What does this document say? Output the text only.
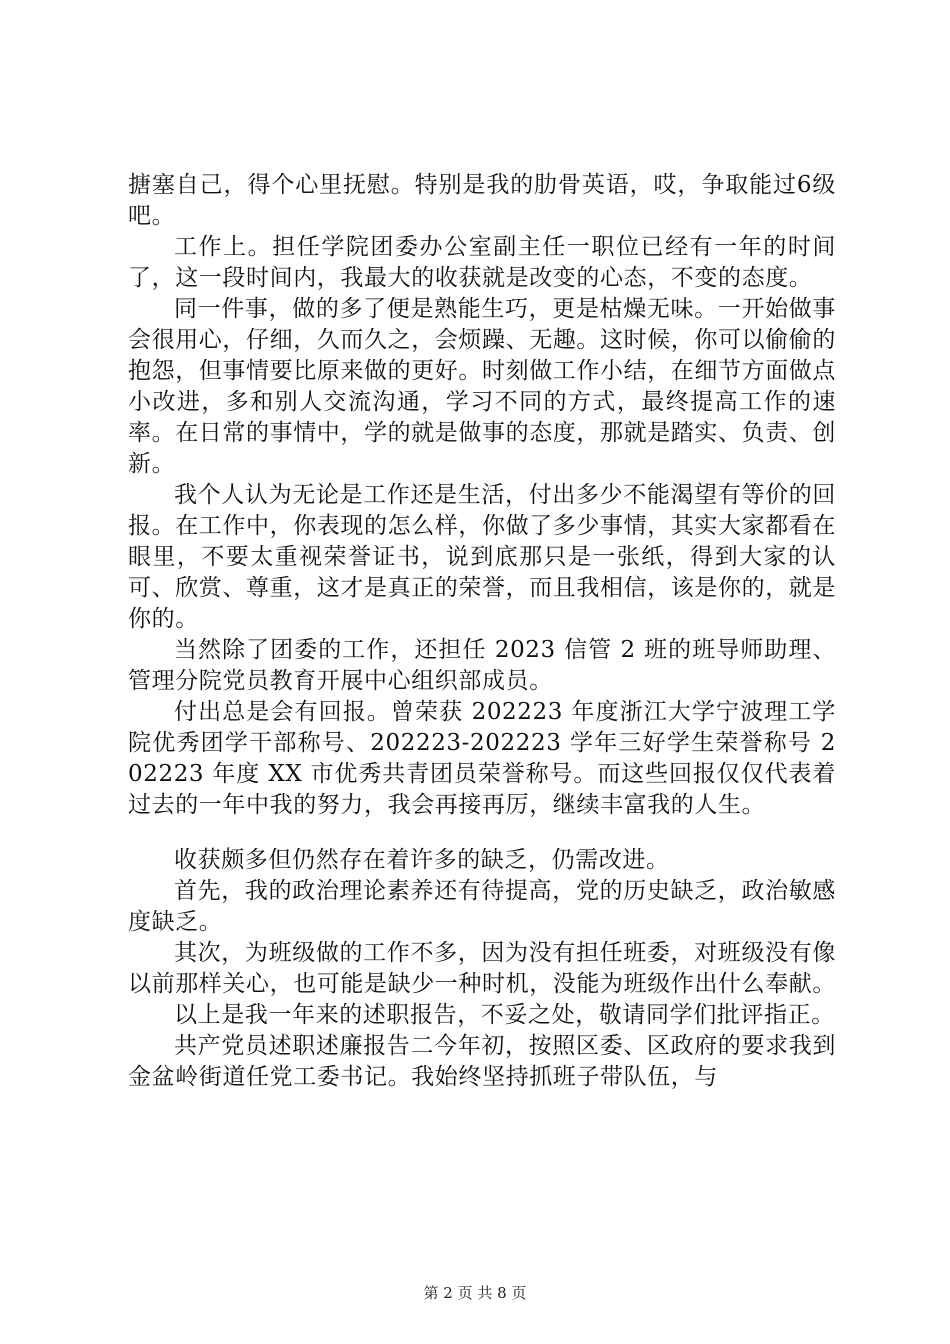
搪塞自己，得个心里抚慰。特别是我的肋骨英语，哎，争取能过6级吧。

工作上。担任学院团委办公室副主任一职位已经有一年的时间了，这一段时间内，我最大的收获就是改变的心态，不变的态度。

同一件事，做的多了便是熟能生巧，更是枯燥无味。一开始做事会很用心，仔细，久而久之，会烦躁、无趣。这时候，你可以偷偷的抱怨，但事情要比原来做的更好。时刻做工作小结，在细节方面做点小改进，多和别人交流沟通，学习不同的方式，最终提高工作的速率。在日常的事情中，学的就是做事的态度，那就是踏实、负责、创新。

我个人认为无论是工作还是生活，付出多少不能渴望有等价的回报。在工作中，你表现的怎么样，你做了多少事情，其实大家都看在眼里，不要太重视荣誉证书，说到底那只是一张纸，得到大家的认可、欣赏、尊重，这才是真正的荣誉，而且我相信，该是你的，就是你的。

当然除了团委的工作，还担任 2023 信管 2 班的班导师助理、管理分院党员教育开展中心组织部成员。

付出总是会有回报。曾荣获 202223 年度浙江大学宁波理工学院优秀团学干部称号、202223-202223 学年三好学生荣誉称号 202223 年度 XX 市优秀共青团员荣誉称号。而这些回报仅仅代表着过去的一年中我的努力，我会再接再厉，继续丰富我的人生。

收获颇多但仍然存在着许多的缺乏，仍需改进。

首先，我的政治理论素养还有待提高，党的历史缺乏，政治敏感度缺乏。

其次，为班级做的工作不多，因为没有担任班委，对班级没有像以前那样关心，也可能是缺少一种时机，没能为班级作出什么奉献。

以上是我一年来的述职报告，不妥之处，敬请同学们批评指正。

共产党员述职述廉报告二今年初，按照区委、区政府的要求我到金盆岭街道任党工委书记。我始终坚持抓班子带队伍，与

第 2 页 共 8 页
